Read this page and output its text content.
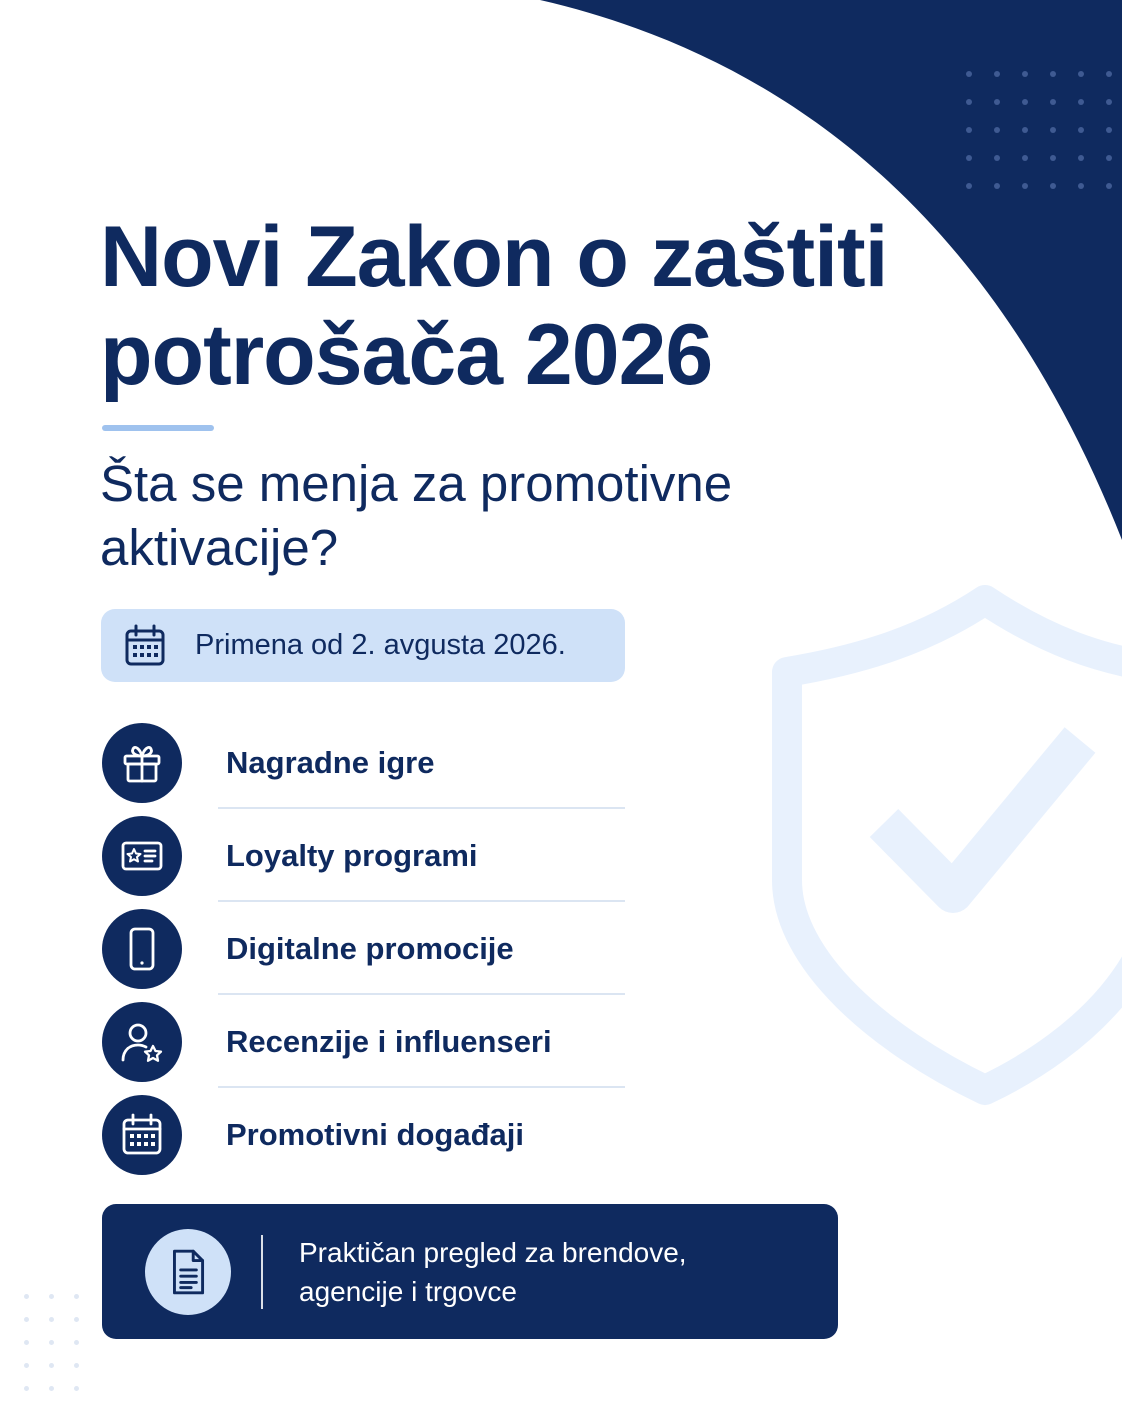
Novi Zakon o zaštiti potrošača 2026
Šta se menja za promotivne aktivacije?
Primena od 2. avgusta 2026.
Nagradne igre
Loyalty programi
Digitalne promocije
Recenzije i influenseri
Promotivni događaji
Praktičan pregled za brendove, agencije i trgovce
